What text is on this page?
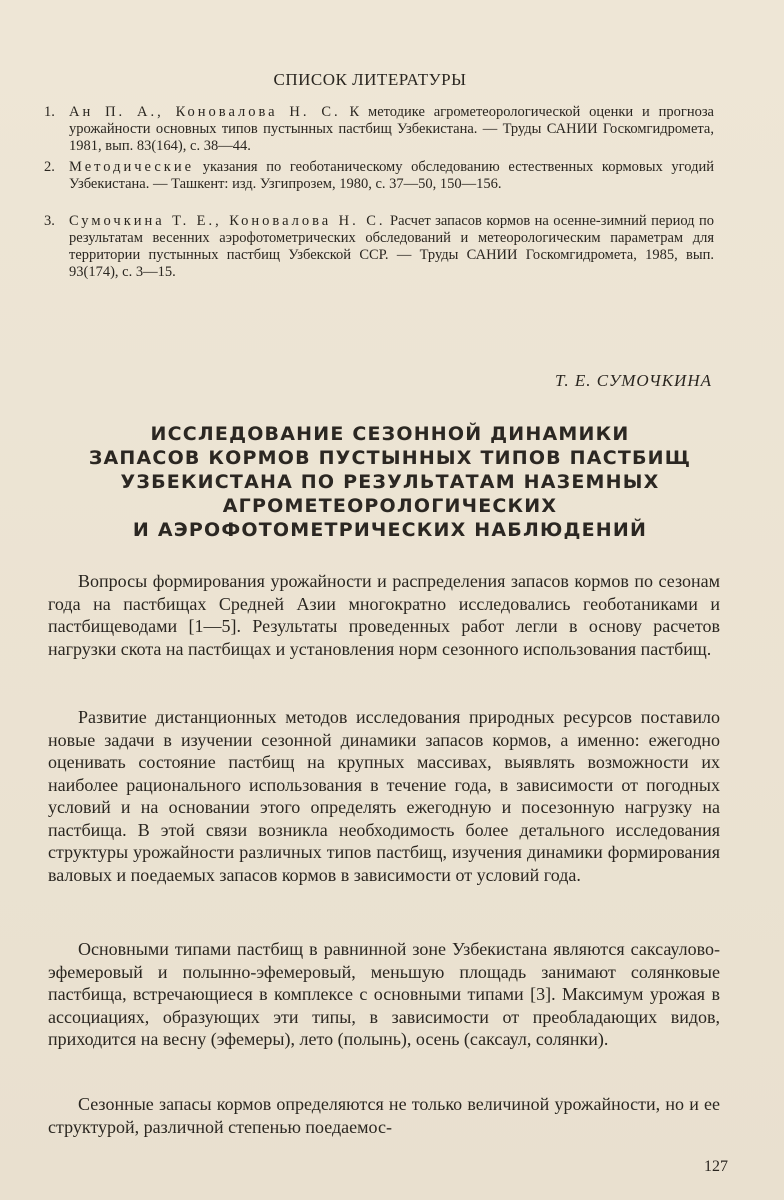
СПИСОК ЛИТЕРАТУРЫ
1. Ан П. А., Коновалова Н. С. К методике агрометеорологической оценки и прогноза урожайности основных типов пустынных пастбищ Узбекистана. — Труды САНИИ Госкомгидромета, 1981, вып. 83(164), с. 38—44.
2. Методические указания по геоботаническому обследованию естественных кормовых угодий Узбекистана. — Ташкент: изд. Узгипрозем, 1980, с. 37—50, 150—156.
3. Сумочкина Т. Е., Коновалова Н. С. Расчет запасов кормов на осенне-зимний период по результатам весенних аэрофотометрических обследований и метеорологическим параметрам для территории пустынных пастбищ Узбекской ССР. — Труды САНИИ Госкомгидромета, 1985, вып. 93(174), с. 3—15.
Т. Е. СУМОЧКИНА
ИССЛЕДОВАНИЕ СЕЗОННОЙ ДИНАМИКИ
ЗАПАСОВ КОРМОВ ПУСТЫННЫХ ТИПОВ ПАСТБИЩ
УЗБЕКИСТАНА ПО РЕЗУЛЬТАТАМ НАЗЕМНЫХ
АГРОМЕТЕОРОЛОГИЧЕСКИХ
И АЭРОФОТОМЕТРИЧЕСКИХ НАБЛЮДЕНИЙ
Вопросы формирования урожайности и распределения запасов кормов по сезонам года на пастбищах Средней Азии многократно исследовались геоботаниками и пастбищеводами [1—5]. Результаты проведенных работ легли в основу расчетов нагрузки скота на пастбищах и установления норм сезонного использования пастбищ.
Развитие дистанционных методов исследования природных ресурсов поставило новые задачи в изучении сезонной динамики запасов кормов, а именно: ежегодно оценивать состояние пастбищ на крупных массивах, выявлять возможности их наиболее рационального использования в течение года, в зависимости от погодных условий и на основании этого определять ежегодную и посезонную нагрузку на пастбища. В этой связи возникла необходимость более детального исследования структуры урожайности различных типов пастбищ, изучения динамики формирования валовых и поедаемых запасов кормов в зависимости от условий года.
Основными типами пастбищ в равнинной зоне Узбекистана являются саксаулово-эфемеровый и полынно-эфемеровый, меньшую площадь занимают солянковые пастбища, встречающиеся в комплексе с основными типами [3]. Максимум урожая в ассоциациях, образующих эти типы, в зависимости от преобладающих видов, приходится на весну (эфемеры), лето (полынь), осень (саксаул, солянки).
Сезонные запасы кормов определяются не только величиной урожайности, но и ее структурой, различной степенью поедаемос-
127
